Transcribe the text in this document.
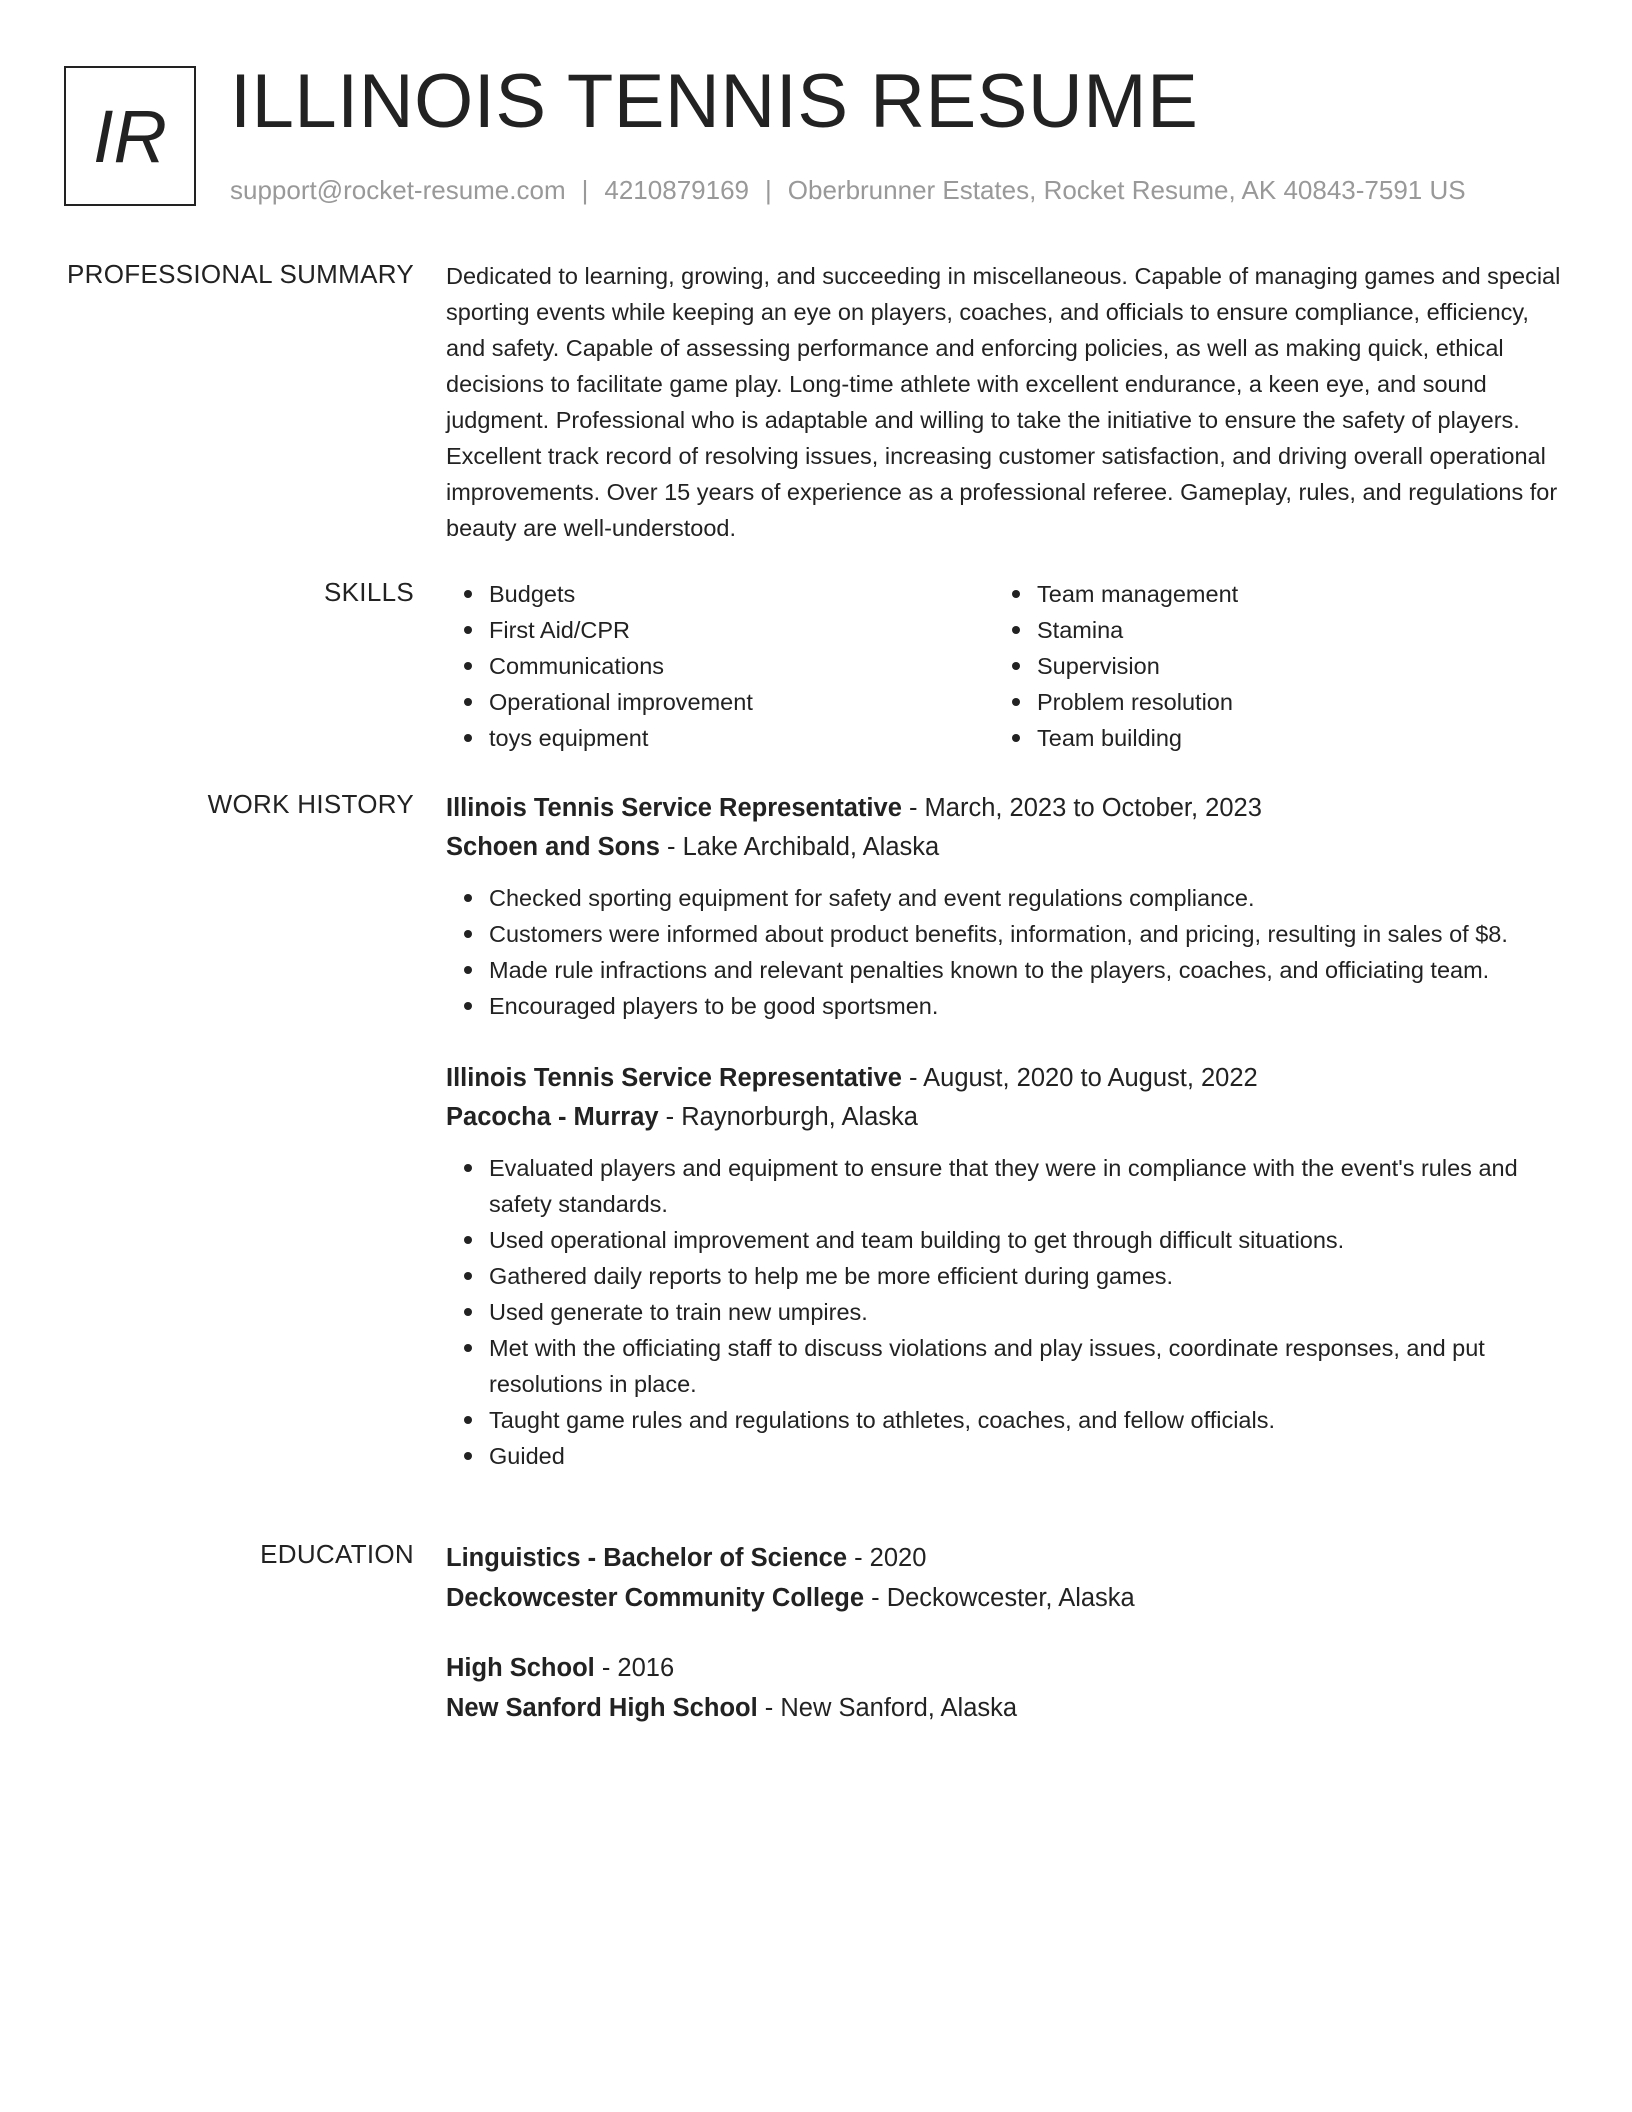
IR ILLINOIS TENNIS RESUME
support@rocket-resume.com | 4210879169 | Oberbrunner Estates, Rocket Resume, AK 40843-7591 US
PROFESSIONAL SUMMARY Dedicated to learning, growing, and succeeding in miscellaneous. Capable of managing games and special sporting events while keeping an eye on players, coaches, and officials to ensure compliance, efficiency, and safety. Capable of assessing performance and enforcing policies, as well as making quick, ethical decisions to facilitate game play. Long-time athlete with excellent endurance, a keen eye, and sound judgment. Professional who is adaptable and willing to take the initiative to ensure the safety of players. Excellent track record of resolving issues, increasing customer satisfaction, and driving overall operational improvements. Over 15 years of experience as a professional referee. Gameplay, rules, and regulations for beauty are well-understood.

SKILLS	Budgets
First Aid/CPR
Communications
Operational improvement
toys equipment
Team management
Stamina
Supervision
Problem resolution
Team building
WORK HISTORY Illinois Tennis Service Representative - March, 2023 to October, 2023
Schoen and Sons - Lake Archibald, Alaska
Checked sporting equipment for safety and event regulations compliance.
Customers were informed about product benefits, information, and pricing, resulting in sales of $8.
Made rule infractions and relevant penalties known to the players, coaches, and officiating team.
Encouraged players to be good sportsmen.
Illinois Tennis Service Representative - August, 2020 to August, 2022
Pacocha - Murray - Raynorburgh, Alaska
Evaluated players and equipment to ensure that they were in compliance with the event's rules and safety standards.
Used operational improvement and team building to get through difficult situations.
Gathered daily reports to help me be more efficient during games.
Used generate to train new umpires.
Met with the officiating staff to discuss violations and play issues, coordinate responses, and put resolutions in place.
Taught game rules and regulations to athletes, coaches, and fellow officials.
Guided
EDUCATION Linguistics - Bachelor of Science - 2020
Deckowcester Community College - Deckowcester, Alaska
High School - 2016
New Sanford High School - New Sanford, Alaska
